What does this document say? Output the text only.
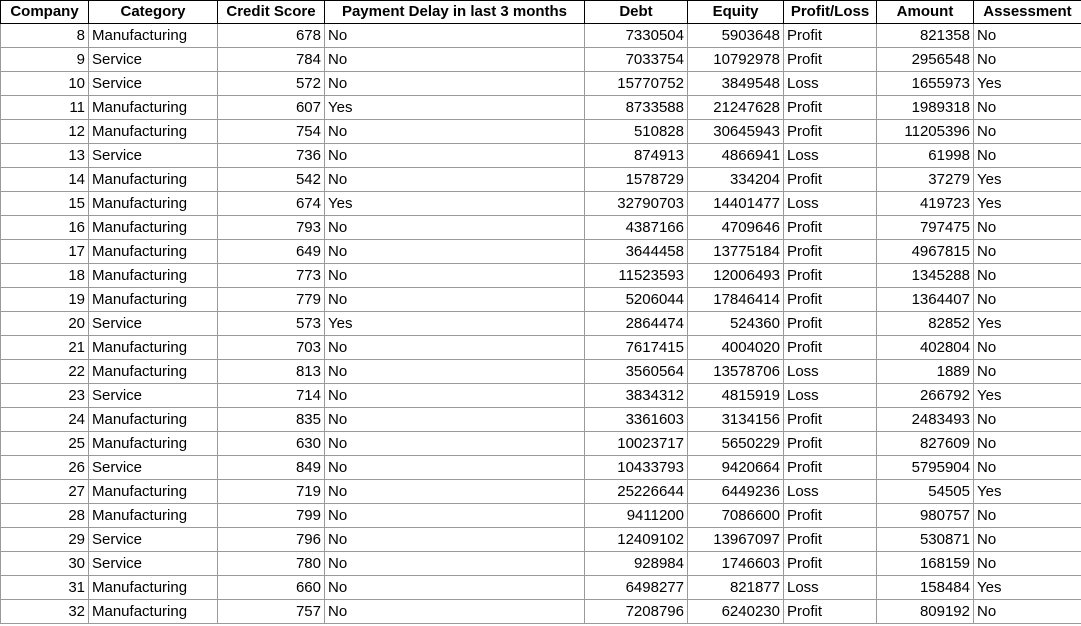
Company	Category	Credit Score	Payment Delay in last 3 months	Debt	Equity	Profit/Loss	Amount	Assessment
8	Manufacturing	678	No	7330504	5903648	Profit	821358	No
9	Service	784	No	7033754	10792978	Profit	2956548	No
10	Service	572	No	15770752	3849548	Loss	1655973	Yes
11	Manufacturing	607	Yes	8733588	21247628	Profit	1989318	No
12	Manufacturing	754	No	510828	30645943	Profit	11205396	No
13	Service	736	No	874913	4866941	Loss	61998	No
14	Manufacturing	542	No	1578729	334204	Profit	37279	Yes
15	Manufacturing	674	Yes	32790703	14401477	Loss	419723	Yes
16	Manufacturing	793	No	4387166	4709646	Profit	797475	No
17	Manufacturing	649	No	3644458	13775184	Profit	4967815	No
18	Manufacturing	773	No	11523593	12006493	Profit	1345288	No
19	Manufacturing	779	No	5206044	17846414	Profit	1364407	No
20	Service	573	Yes	2864474	524360	Profit	82852	Yes
21	Manufacturing	703	No	7617415	4004020	Profit	402804	No
22	Manufacturing	813	No	3560564	13578706	Loss	1889	No
23	Service	714	No	3834312	4815919	Loss	266792	Yes
24	Manufacturing	835	No	3361603	3134156	Profit	2483493	No
25	Manufacturing	630	No	10023717	5650229	Profit	827609	No
26	Service	849	No	10433793	9420664	Profit	5795904	No
27	Manufacturing	719	No	25226644	6449236	Loss	54505	Yes
28	Manufacturing	799	No	9411200	7086600	Profit	980757	No
29	Service	796	No	12409102	13967097	Profit	530871	No
30	Service	780	No	928984	1746603	Profit	168159	No
31	Manufacturing	660	No	6498277	821877	Loss	158484	Yes
32	Manufacturing	757	No	7208796	6240230	Profit	809192	No
